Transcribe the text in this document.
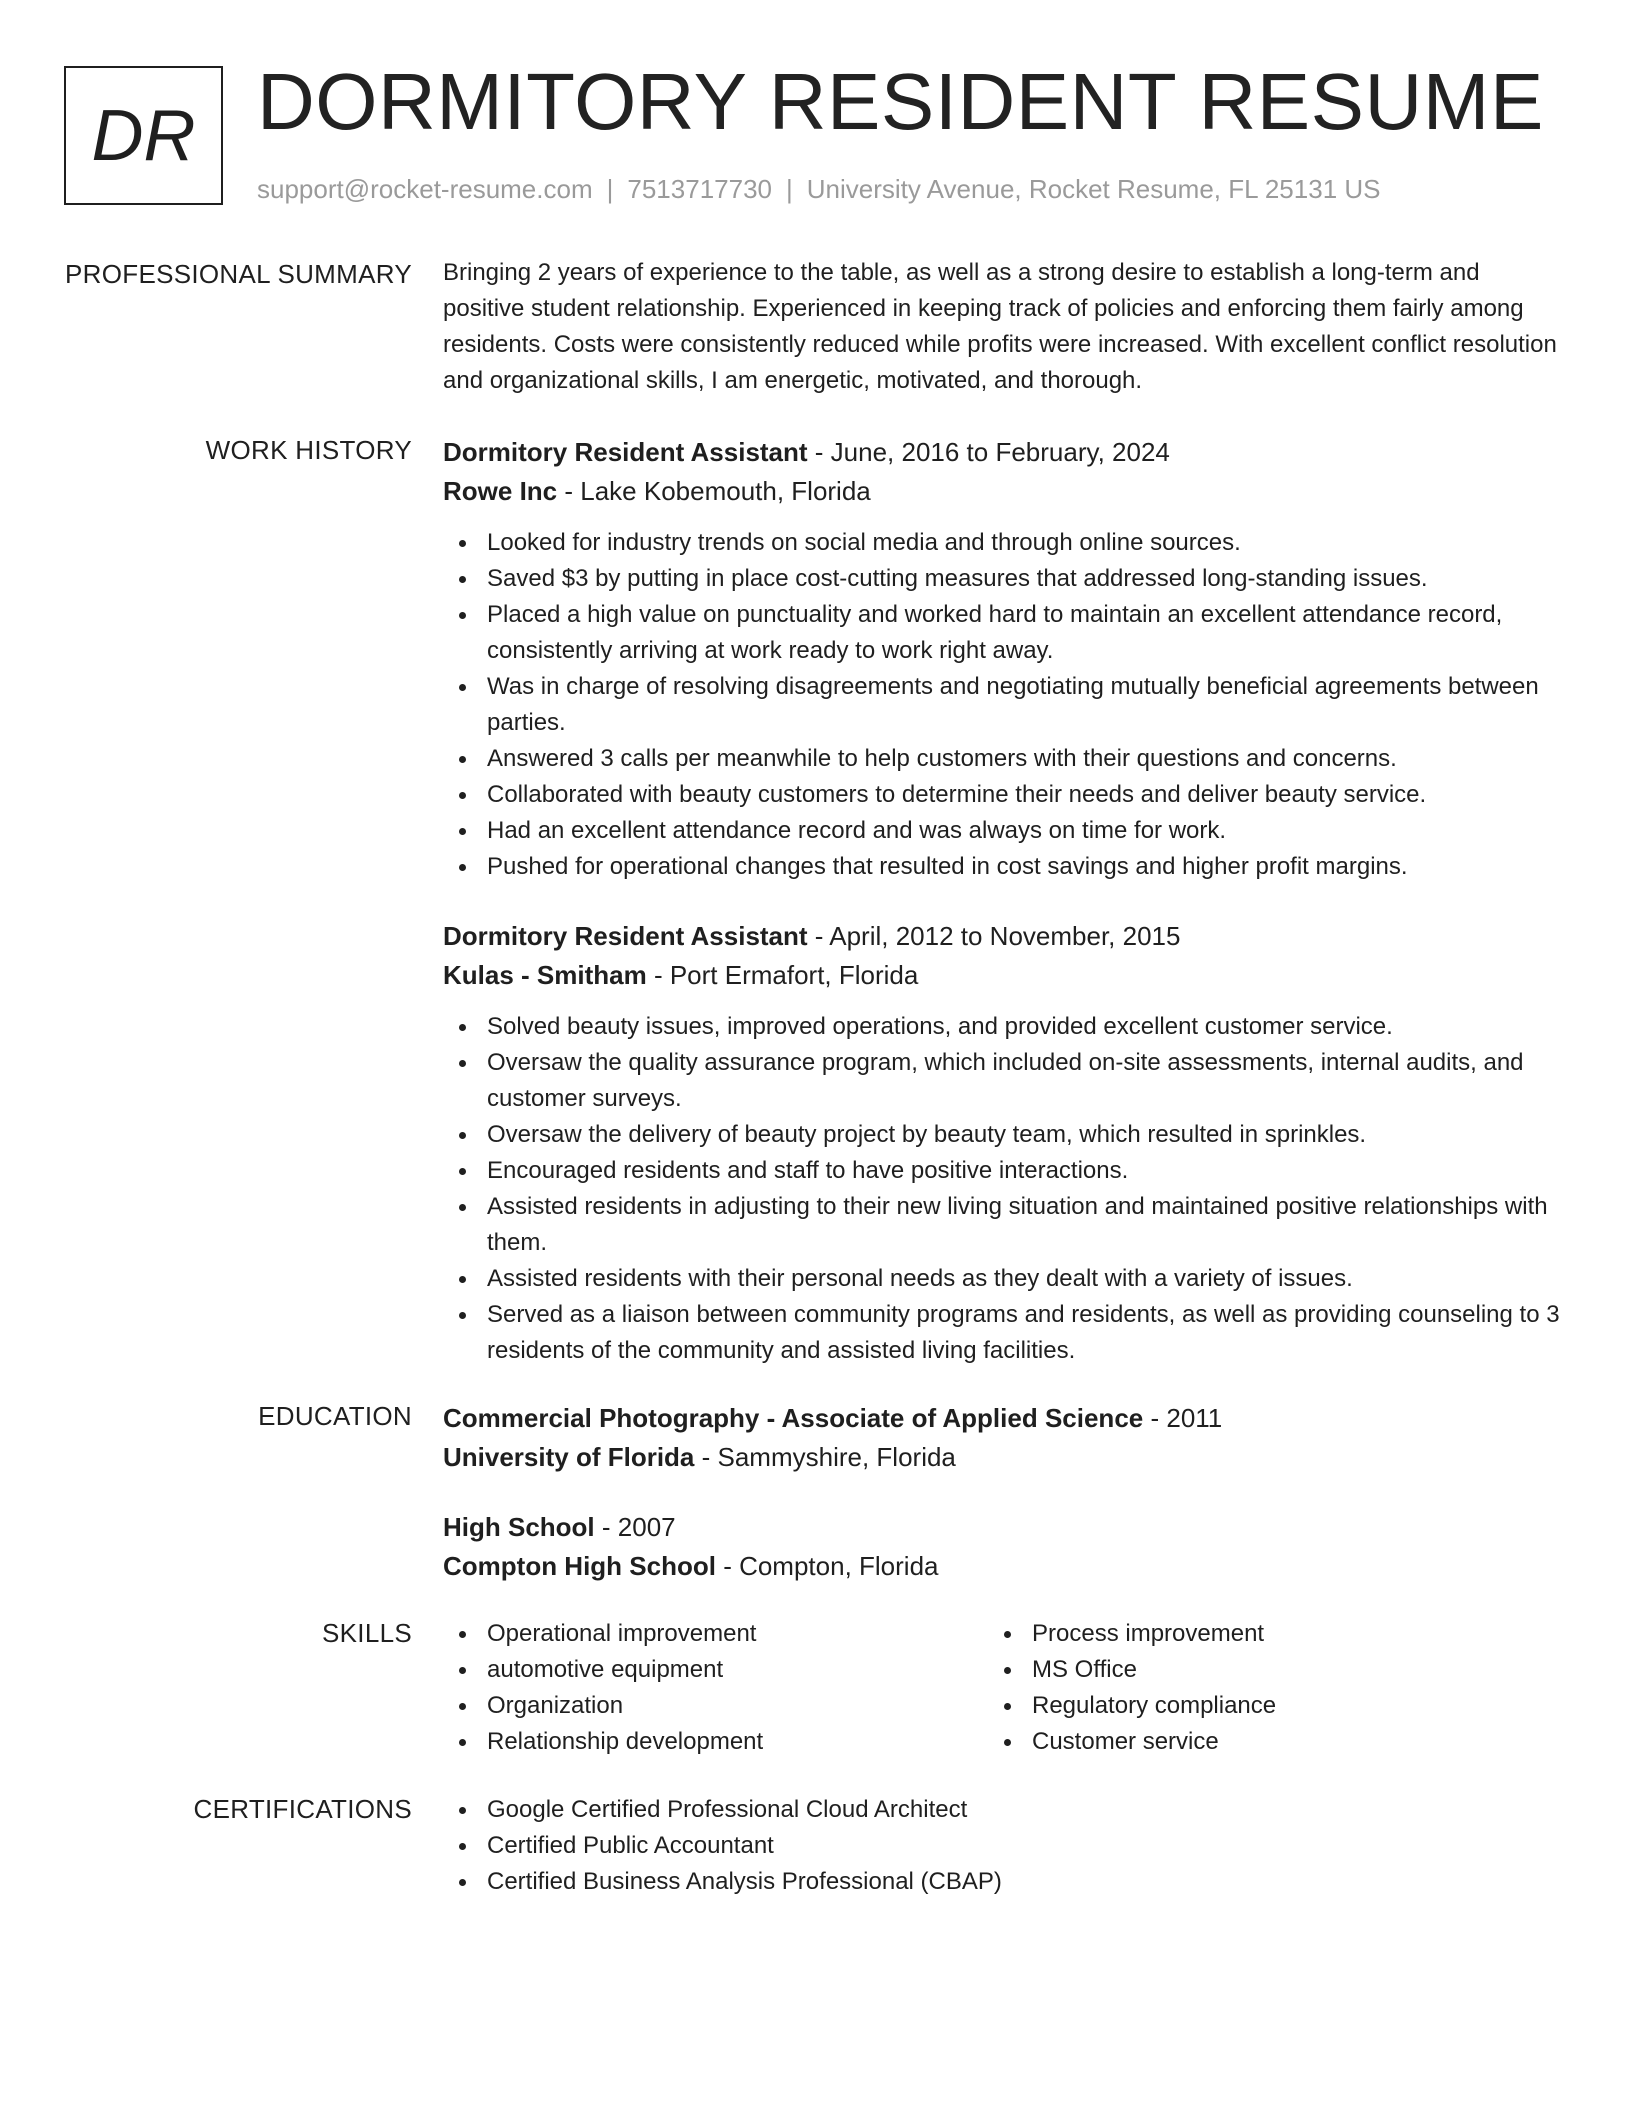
DR DORMITORY RESIDENT RESUME
support@rocket-resume.com | 7513717730 | University Avenue, Rocket Resume, FL 25131 US
PROFESSIONAL SUMMARY Bringing 2 years of experience to the table, as well as a strong desire to establish a long-term and positive student relationship. Experienced in keeping track of policies and enforcing them fairly among residents. Costs were consistently reduced while profits were increased. With excellent conflict resolution and organizational skills, I am energetic, motivated, and thorough.

WORK HISTORY Dormitory Resident Assistant - June, 2016 to February, 2024
Rowe Inc - Lake Kobemouth, Florida
Looked for industry trends on social media and through online sources.
Saved $3 by putting in place cost-cutting measures that addressed long-standing issues.
Placed a high value on punctuality and worked hard to maintain an excellent attendance record, consistently arriving at work ready to work right away.
Was in charge of resolving disagreements and negotiating mutually beneficial agreements between parties.
Answered 3 calls per meanwhile to help customers with their questions and concerns.
Collaborated with beauty customers to determine their needs and deliver beauty service.
Had an excellent attendance record and was always on time for work.
Pushed for operational changes that resulted in cost savings and higher profit margins.
Dormitory Resident Assistant - April, 2012 to November, 2015
Kulas - Smitham - Port Ermafort, Florida
Solved beauty issues, improved operations, and provided excellent customer service.
Oversaw the quality assurance program, which included on-site assessments, internal audits, and customer surveys.
Oversaw the delivery of beauty project by beauty team, which resulted in sprinkles.
Encouraged residents and staff to have positive interactions.
Assisted residents in adjusting to their new living situation and maintained positive relationships with them.
Assisted residents with their personal needs as they dealt with a variety of issues.
Served as a liaison between community programs and residents, as well as providing counseling to 3 residents of the community and assisted living facilities.
EDUCATION Commercial Photography - Associate of Applied Science - 2011
University of Florida - Sammyshire, Florida
High School - 2007
Compton High School - Compton, Florida
SKILLS	Operational improvement
automotive equipment
Organization
Relationship development
Process improvement
MS Office
Regulatory compliance
Customer service
CERTIFICATIONS	Google Certified Professional Cloud Architect
Certified Public Accountant
Certified Business Analysis Professional (CBAP)
